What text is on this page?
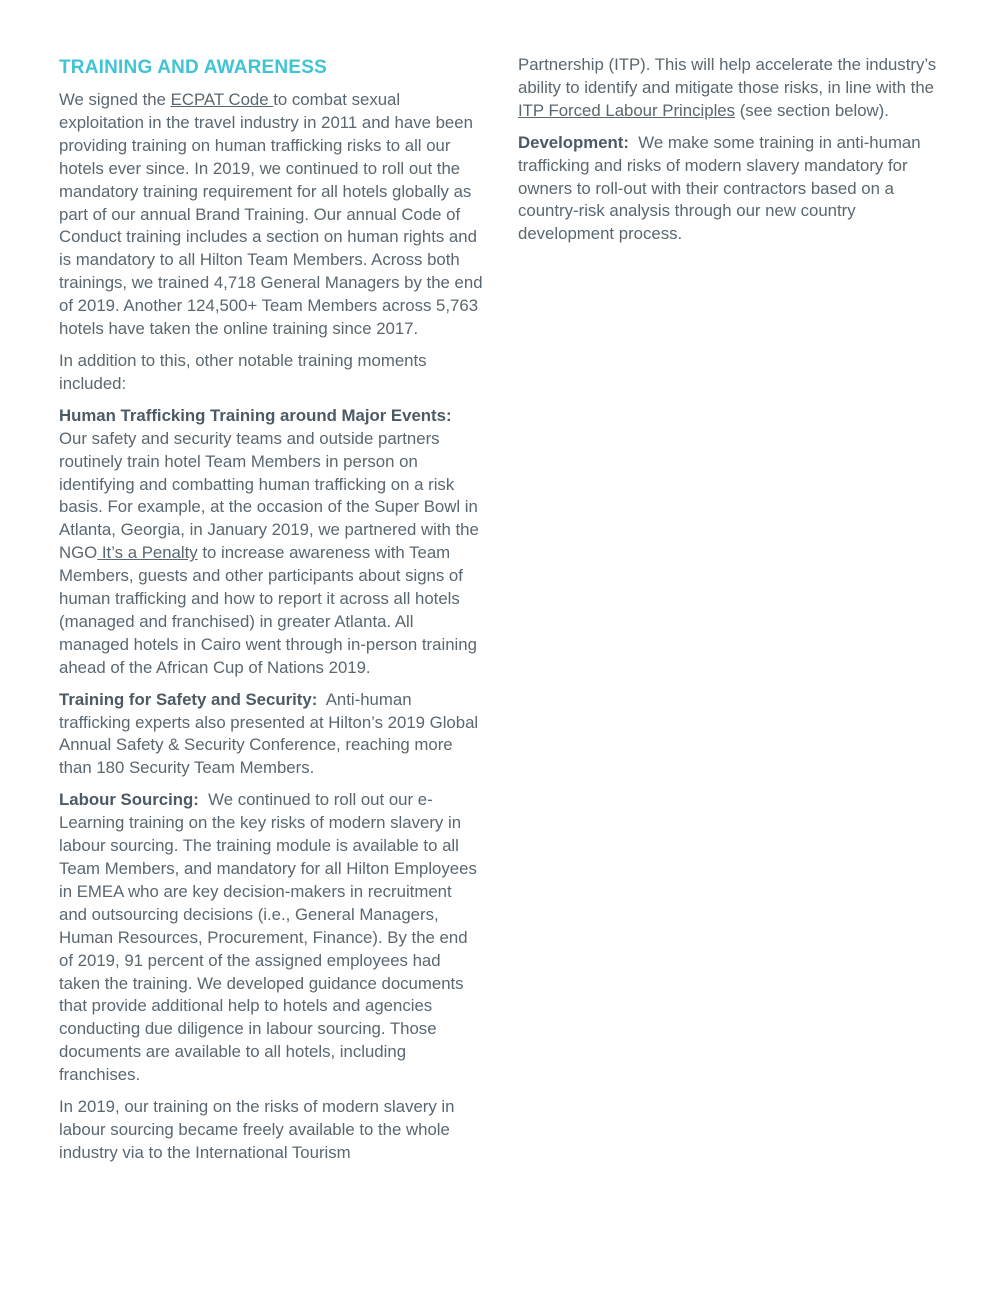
TRAINING AND AWARENESS

We signed the ECPAT Code to combat sexual exploitation in the travel industry in 2011 and have been providing training on human trafficking risks to all our hotels ever since. In 2019, we continued to roll out the mandatory training requirement for all hotels globally as part of our annual Brand Training. Our annual Code of Conduct training includes a section on human rights and is mandatory to all Hilton Team Members. Across both trainings, we trained 4,718 General Managers by the end of 2019. Another 124,500+ Team Members across 5,763 hotels have taken the online training since 2017.

In addition to this, other notable training moments included:

Human Trafficking Training around Major Events: Our safety and security teams and outside partners routinely train hotel Team Members in person on identifying and combatting human trafficking on a risk basis. For example, at the occasion of the Super Bowl in Atlanta, Georgia, in January 2019, we partnered with the NGO It’s a Penalty to increase awareness with Team Members, guests and other participants about signs of human trafficking and how to report it across all hotels (managed and franchised) in greater Atlanta. All managed hotels in Cairo went through in-person training ahead of the African Cup of Nations 2019.

Training for Safety and Security:  Anti-human trafficking experts also presented at Hilton’s 2019 Global Annual Safety & Security Conference, reaching more than 180 Security Team Members.

Labour Sourcing:  We continued to roll out our e-Learning training on the key risks of modern slavery in labour sourcing. The training module is available to all Team Members, and mandatory for all Hilton Employees in EMEA who are key decision-makers in recruitment and outsourcing decisions (i.e., General Managers, Human Resources, Procurement, Finance). By the end of 2019, 91 percent of the assigned employees had taken the training. We developed guidance documents that provide additional help to hotels and agencies conducting due diligence in labour sourcing. Those documents are available to all hotels, including franchises.

In 2019, our training on the risks of modern slavery in labour sourcing became freely available to the whole industry via to the International Tourism

Partnership (ITP). This will help accelerate the industry’s ability to identify and mitigate those risks, in line with the ITP Forced Labour Principles (see section below).

Development:  We make some training in anti-human trafficking and risks of modern slavery mandatory for owners to roll-out with their contractors based on a country-risk analysis through our new country development process.
